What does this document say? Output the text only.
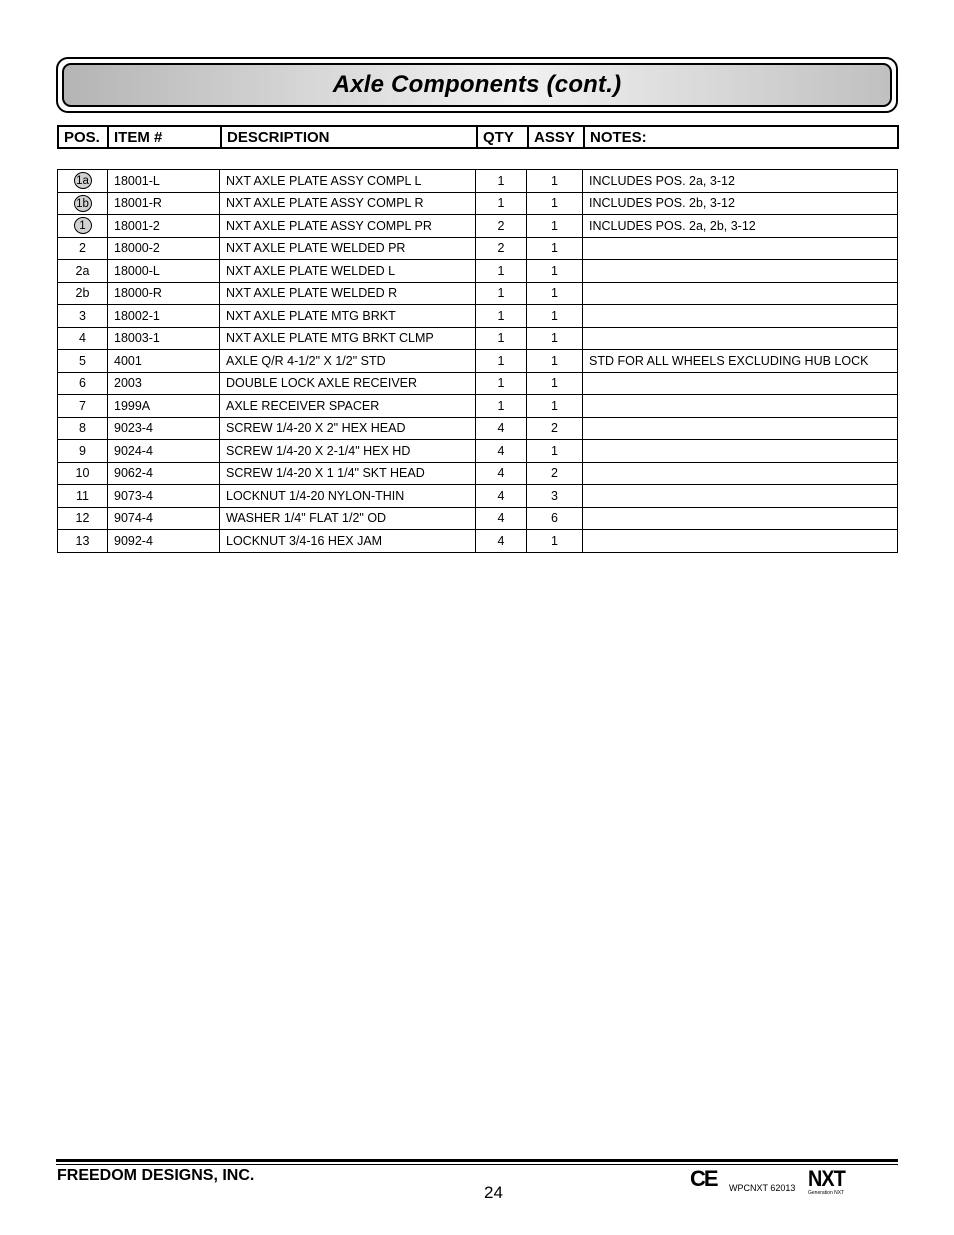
Axle Components (cont.)
POS.	ITEM #	DESCRIPTION	QTY	ASSY	NOTES:
1a	18001-L	NXT AXLE PLATE ASSY COMPL L	1	1	INCLUDES POS. 2a, 3-12
1b	18001-R	NXT AXLE PLATE ASSY COMPL R	1	1	INCLUDES POS. 2b, 3-12
1	18001-2	NXT AXLE PLATE ASSY COMPL PR	2	1	INCLUDES POS. 2a, 2b, 3-12
2	18000-2	NXT AXLE PLATE WELDED PR	2	1	
2a	18000-L	NXT AXLE PLATE WELDED L	1	1	
2b	18000-R	NXT AXLE PLATE WELDED R	1	1	
3	18002-1	NXT AXLE PLATE MTG BRKT	1	1	
4	18003-1	NXT AXLE PLATE MTG BRKT CLMP	1	1	
5	4001	AXLE Q/R 4-1/2" X 1/2" STD	1	1	STD FOR ALL WHEELS EXCLUDING HUB LOCK
6	2003	DOUBLE LOCK AXLE RECEIVER	1	1	
7	1999A	AXLE RECEIVER SPACER	1	1	
8	9023-4	SCREW 1/4-20 X 2" HEX HEAD	4	2	
9	9024-4	SCREW 1/4-20 X 2-1/4" HEX HD	4	1	
10	9062-4	SCREW 1/4-20 X 1 1/4" SKT HEAD	4	2	
11	9073-4	LOCKNUT 1/4-20 NYLON-THIN	4	3	
12	9074-4	WASHER 1/4" FLAT 1/2" OD	4	6	
13	9092-4	LOCKNUT 3/4-16 HEX JAM	4	1	
FREEDOM DESIGNS, INC.
24
CE WPCNXT 62013 NXT
Generation NXT
